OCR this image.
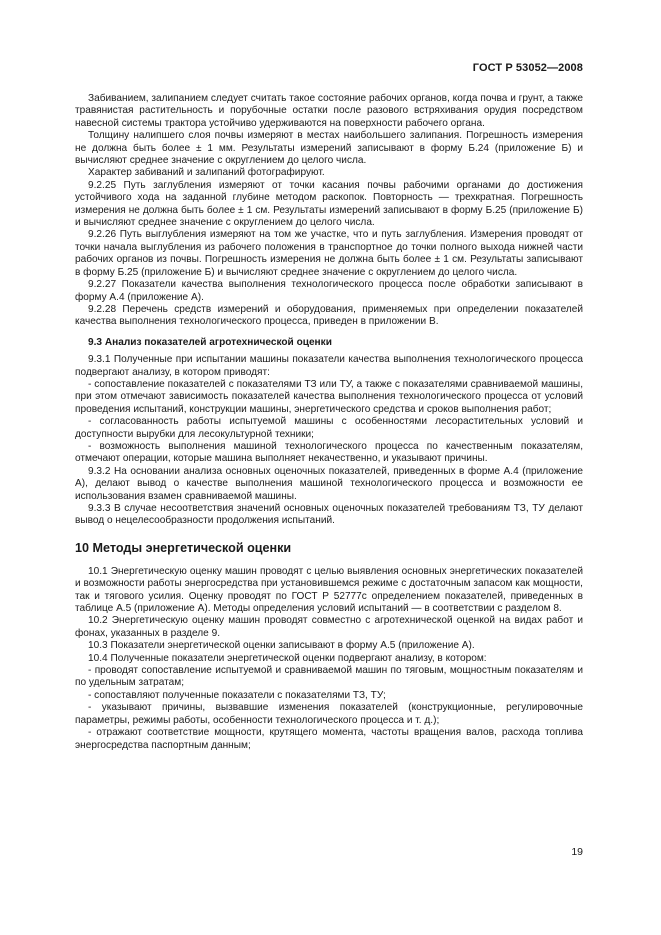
ГОСТ Р 53052—2008

Забиванием, залипанием следует считать такое состояние рабочих органов, когда почва и грунт, а также травянистая растительность и порубочные остатки после разового встряхивания орудия посредством навесной системы трактора устойчиво удерживаются на поверхности рабочего органа.

Толщину налипшего слоя почвы измеряют в местах наибольшего залипания. Погрешность измерения не должна быть более ± 1 мм. Результаты измерений записывают в форму Б.24 (приложение Б) и вычисляют среднее значение с округлением до целого числа.

Характер забиваний и залипаний фотографируют.

9.2.25 Путь заглубления измеряют от точки касания почвы рабочими органами до достижения устойчивого хода на заданной глубине методом раскопок. Повторность — трехкратная. Погрешность измерения не должна быть более ± 1 см. Результаты измерений записывают в форму Б.25 (приложение Б) и вычисляют среднее значение с округлением до целого числа.

9.2.26 Путь выглубления измеряют на том же участке, что и путь заглубления. Измерения проводят от точки начала выглубления из рабочего положения в транспортное до точки полного выхода нижней части рабочих органов из почвы. Погрешность измерения не должна быть более ± 1 см. Результаты записывают в форму Б.25 (приложение Б) и вычисляют среднее значение с округлением до целого числа.

9.2.27 Показатели качества выполнения технологического процесса после обработки записывают в форму А.4 (приложение А).

9.2.28 Перечень средств измерений и оборудования, применяемых при определении показателей качества выполнения технологического процесса, приведен в приложении В.

9.3 Анализ показателей агротехнической оценки

9.3.1 Полученные при испытании машины показатели качества выполнения технологического процесса подвергают анализу, в котором приводят:

- сопоставление показателей с показателями ТЗ или ТУ, а также с показателями сравниваемой машины, при этом отмечают зависимость показателей качества выполнения технологического процесса от условий проведения испытаний, конструкции машины, энергетического средства и сроков выполнения работ;

- согласованность работы испытуемой машины с особенностями лесорастительных условий и доступности вырубки для лесокультурной техники;

- возможность выполнения машиной технологического процесса по качественным показателям, отмечают операции, которые машина выполняет некачественно, и указывают причины.

9.3.2 На основании анализа основных оценочных показателей, приведенных в форме А.4 (приложение А), делают вывод о качестве выполнения машиной технологического процесса и возможности ее использования взамен сравниваемой машины.

9.3.3 В случае несоответствия значений основных оценочных показателей требованиям ТЗ, ТУ делают вывод о нецелесообразности продолжения испытаний.

10 Методы энергетической оценки

10.1 Энергетическую оценку машин проводят с целью выявления основных энергетических показателей и возможности работы энергосредства при установившемся режиме с достаточным запасом как мощности, так и тягового усилия. Оценку проводят по ГОСТ Р 52777с определением показателей, приведенных в таблице А.5 (приложение А). Методы определения условий испытаний — в соответствии с разделом 8.

10.2 Энергетическую оценку машин проводят совместно с агротехнической оценкой на видах работ и фонах, указанных в разделе 9.

10.3 Показатели энергетической оценки записывают в форму А.5 (приложение А).

10.4 Полученные показатели энергетической оценки подвергают анализу, в котором:

- проводят сопоставление испытуемой и сравниваемой машин по тяговым, мощностным показателям и по удельным затратам;

- сопоставляют полученные показатели с показателями ТЗ, ТУ;

- указывают причины, вызвавшие изменения показателей (конструкционные, регулировочные параметры, режимы работы, особенности технологического процесса и т. д.);

- отражают соответствие мощности, крутящего момента, частоты вращения валов, расхода топлива энергосредства паспортным данным;

19
